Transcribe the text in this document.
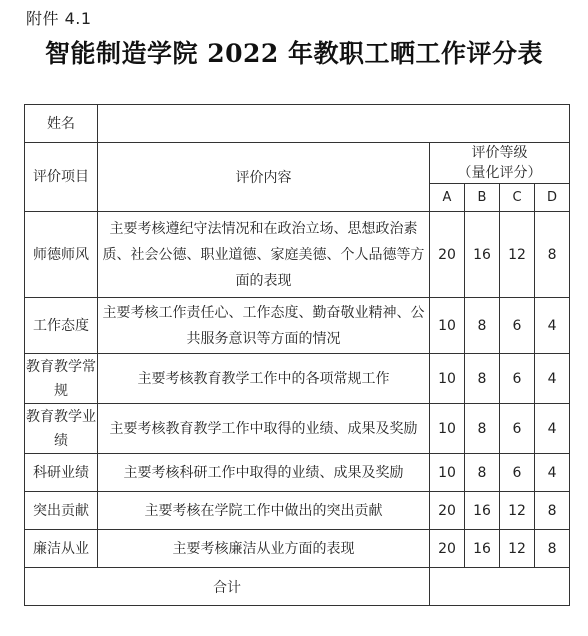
附件 4.1
智能制造学院 2022 年教职工晒工作评分表
姓名					
评价项目	评价内容	评价等级
（量化评分）			

		A	B	C	D
师德师风	主要考核遵纪守法情况和在政治立场、思想政治素质、社会公德、职业道德、家庭美德、个人品德等方面的表现	20	16	12	8
工作态度	主要考核工作责任心、工作态度、勤奋敬业精神、公共服务意识等方面的情况	10	8	6	4
教育教学常规	主要考核教育教学工作中的各项常规工作	10	8	6	4
教育教学业绩	主要考核教育教学工作中取得的业绩、成果及奖励	10	8	6	4
科研业绩	主要考核科研工作中取得的业绩、成果及奖励	10	8	6	4
突出贡献	主要考核在学院工作中做出的突出贡献	20	16	12	8
廉洁从业	主要考核廉洁从业方面的表现	20	16	12	8
合计					
